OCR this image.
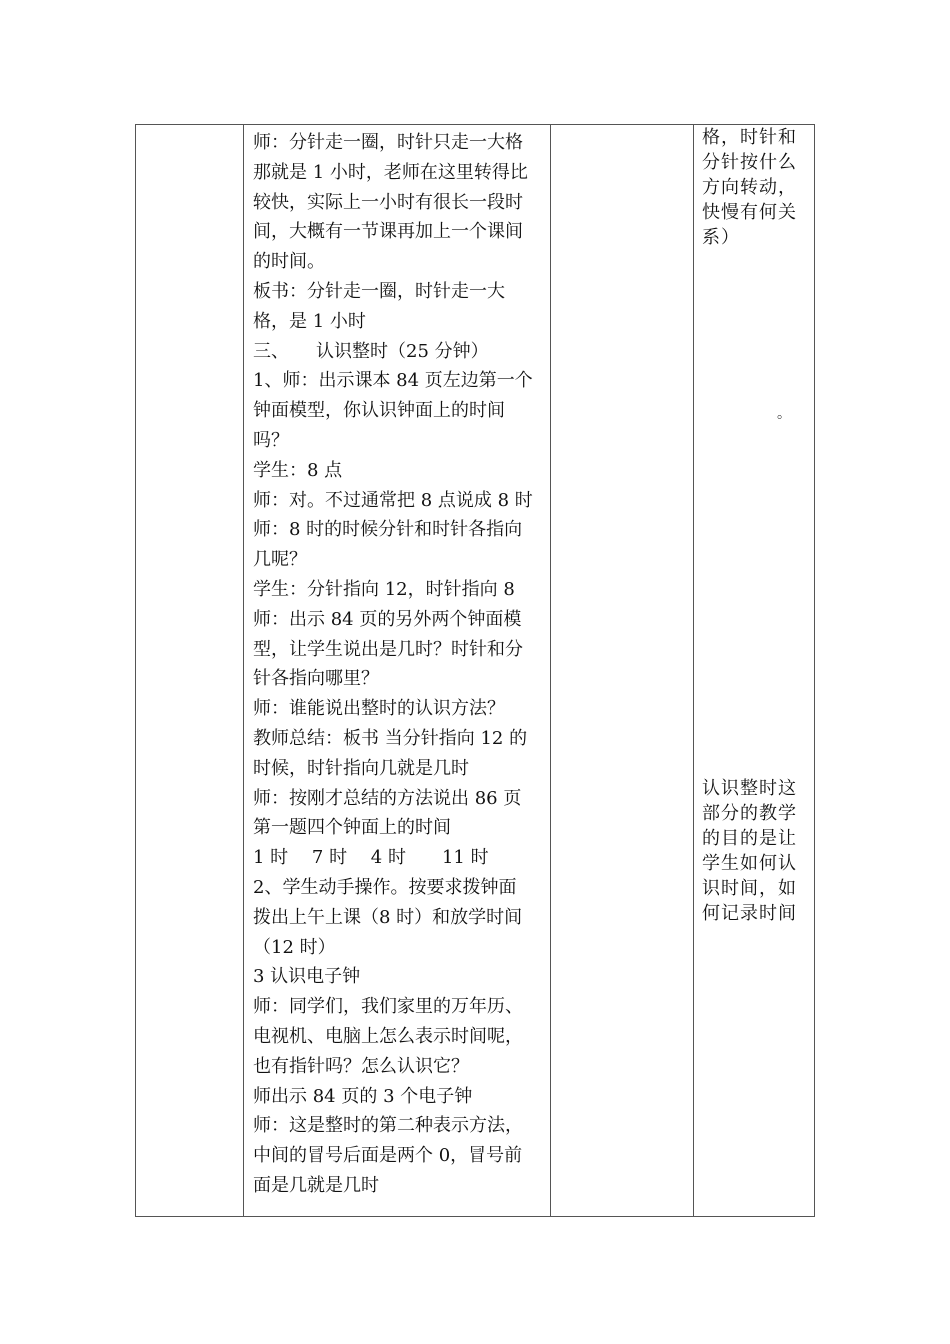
师：分针走一圈，时针只走一大格
那就是 1 小时，老师在这里转得比
较快，实际上一小时有很长一段时
间，大概有一节课再加上一个课间
的时间。
板书：分针走一圈，时针走一大
格，是 1 小时
三、　　认识整时（25 分钟）
1、师：出示课本 84 页左边第一个
钟面模型，你认识钟面上的时间
吗？
学生：8 点
师：对。不过通常把 8 点说成 8 时
师：8 时的时候分针和时针各指向
几呢？
学生：分针指向 12，时针指向 8
师：出示 84 页的另外两个钟面模
型，让学生说出是几时？时针和分
针各指向哪里？
师：谁能说出整时的认识方法？
教师总结：板书 当分针指向 12 的
时候，时针指向几就是几时
师：按刚才总结的方法说出 86 页
第一题四个钟面上的时间
1 时　 7 时　 4 时　　11 时
2、学生动手操作。按要求拨钟面
拨出上午上课（8 时）和放学时间
（12 时）
3 认识电子钟
师：同学们，我们家里的万年历、
电视机、电脑上怎么表示时间呢，
也有指针吗？怎么认识它？
师出示 84 页的 3 个电子钟
师：这是整时的第二种表示方法，
中间的冒号后面是两个 0，冒号前
面是几就是几时
格，时针和
分针按什么
方向转动，
快慢有何关
系）
。
认识整时这
部分的教学
的目的是让
学生如何认
识时间，如
何记录时间
